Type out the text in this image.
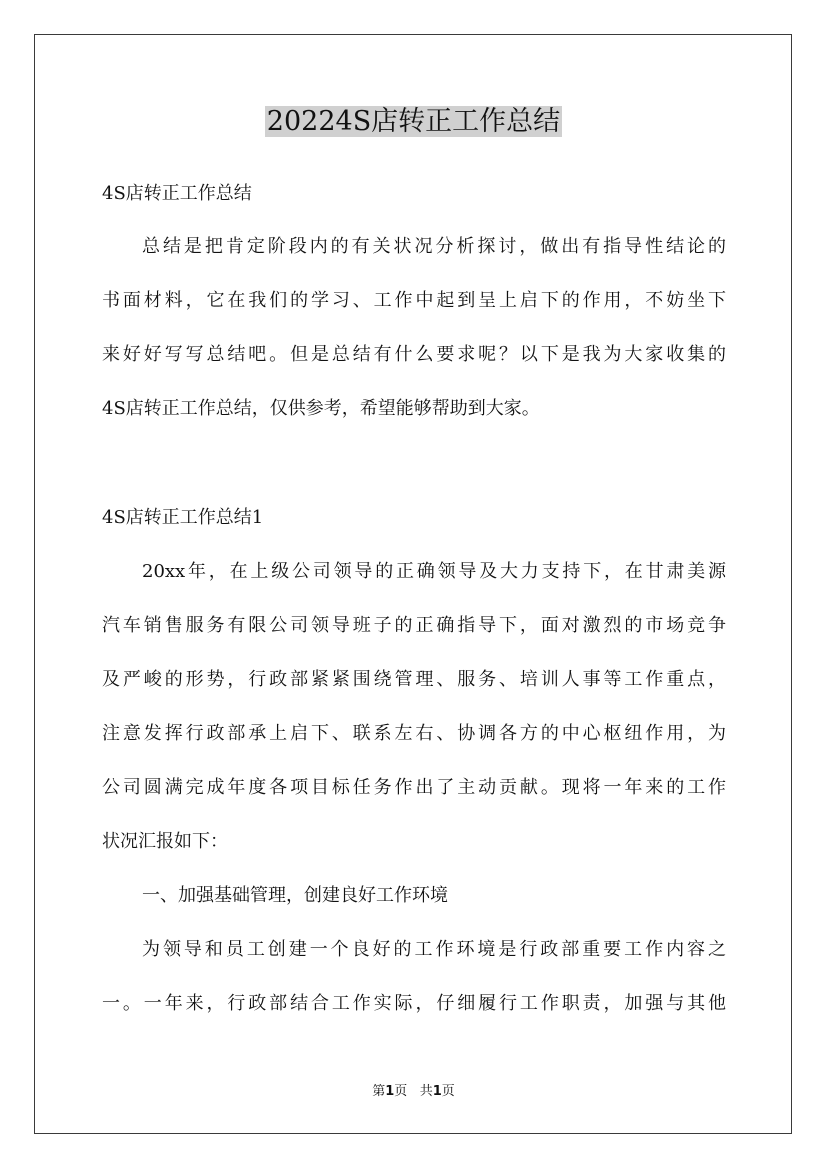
20224S店转正工作总结

4S店转正工作总结

总结是把肯定阶段内的有关状况分析探讨，做出有指导性结论的

书面材料，它在我们的学习、工作中起到呈上启下的作用，不妨坐下

来好好写写总结吧。但是总结有什么要求呢？以下是我为大家收集的

4S店转正工作总结，仅供参考，希望能够帮助到大家。

4S店转正工作总结1

20xx年，在上级公司领导的正确领导及大力支持下，在甘肃美源

汽车销售服务有限公司领导班子的正确指导下，面对激烈的市场竞争

及严峻的形势，行政部紧紧围绕管理、服务、培训人事等工作重点，

注意发挥行政部承上启下、联系左右、协调各方的中心枢纽作用，为

公司圆满完成年度各项目标任务作出了主动贡献。现将一年来的工作

状况汇报如下：

一、加强基础管理，创建良好工作环境

为领导和员工创建一个良好的工作环境是行政部重要工作内容之

一。一年来，行政部结合工作实际，仔细履行工作职责，加强与其他

第1页 共1页
